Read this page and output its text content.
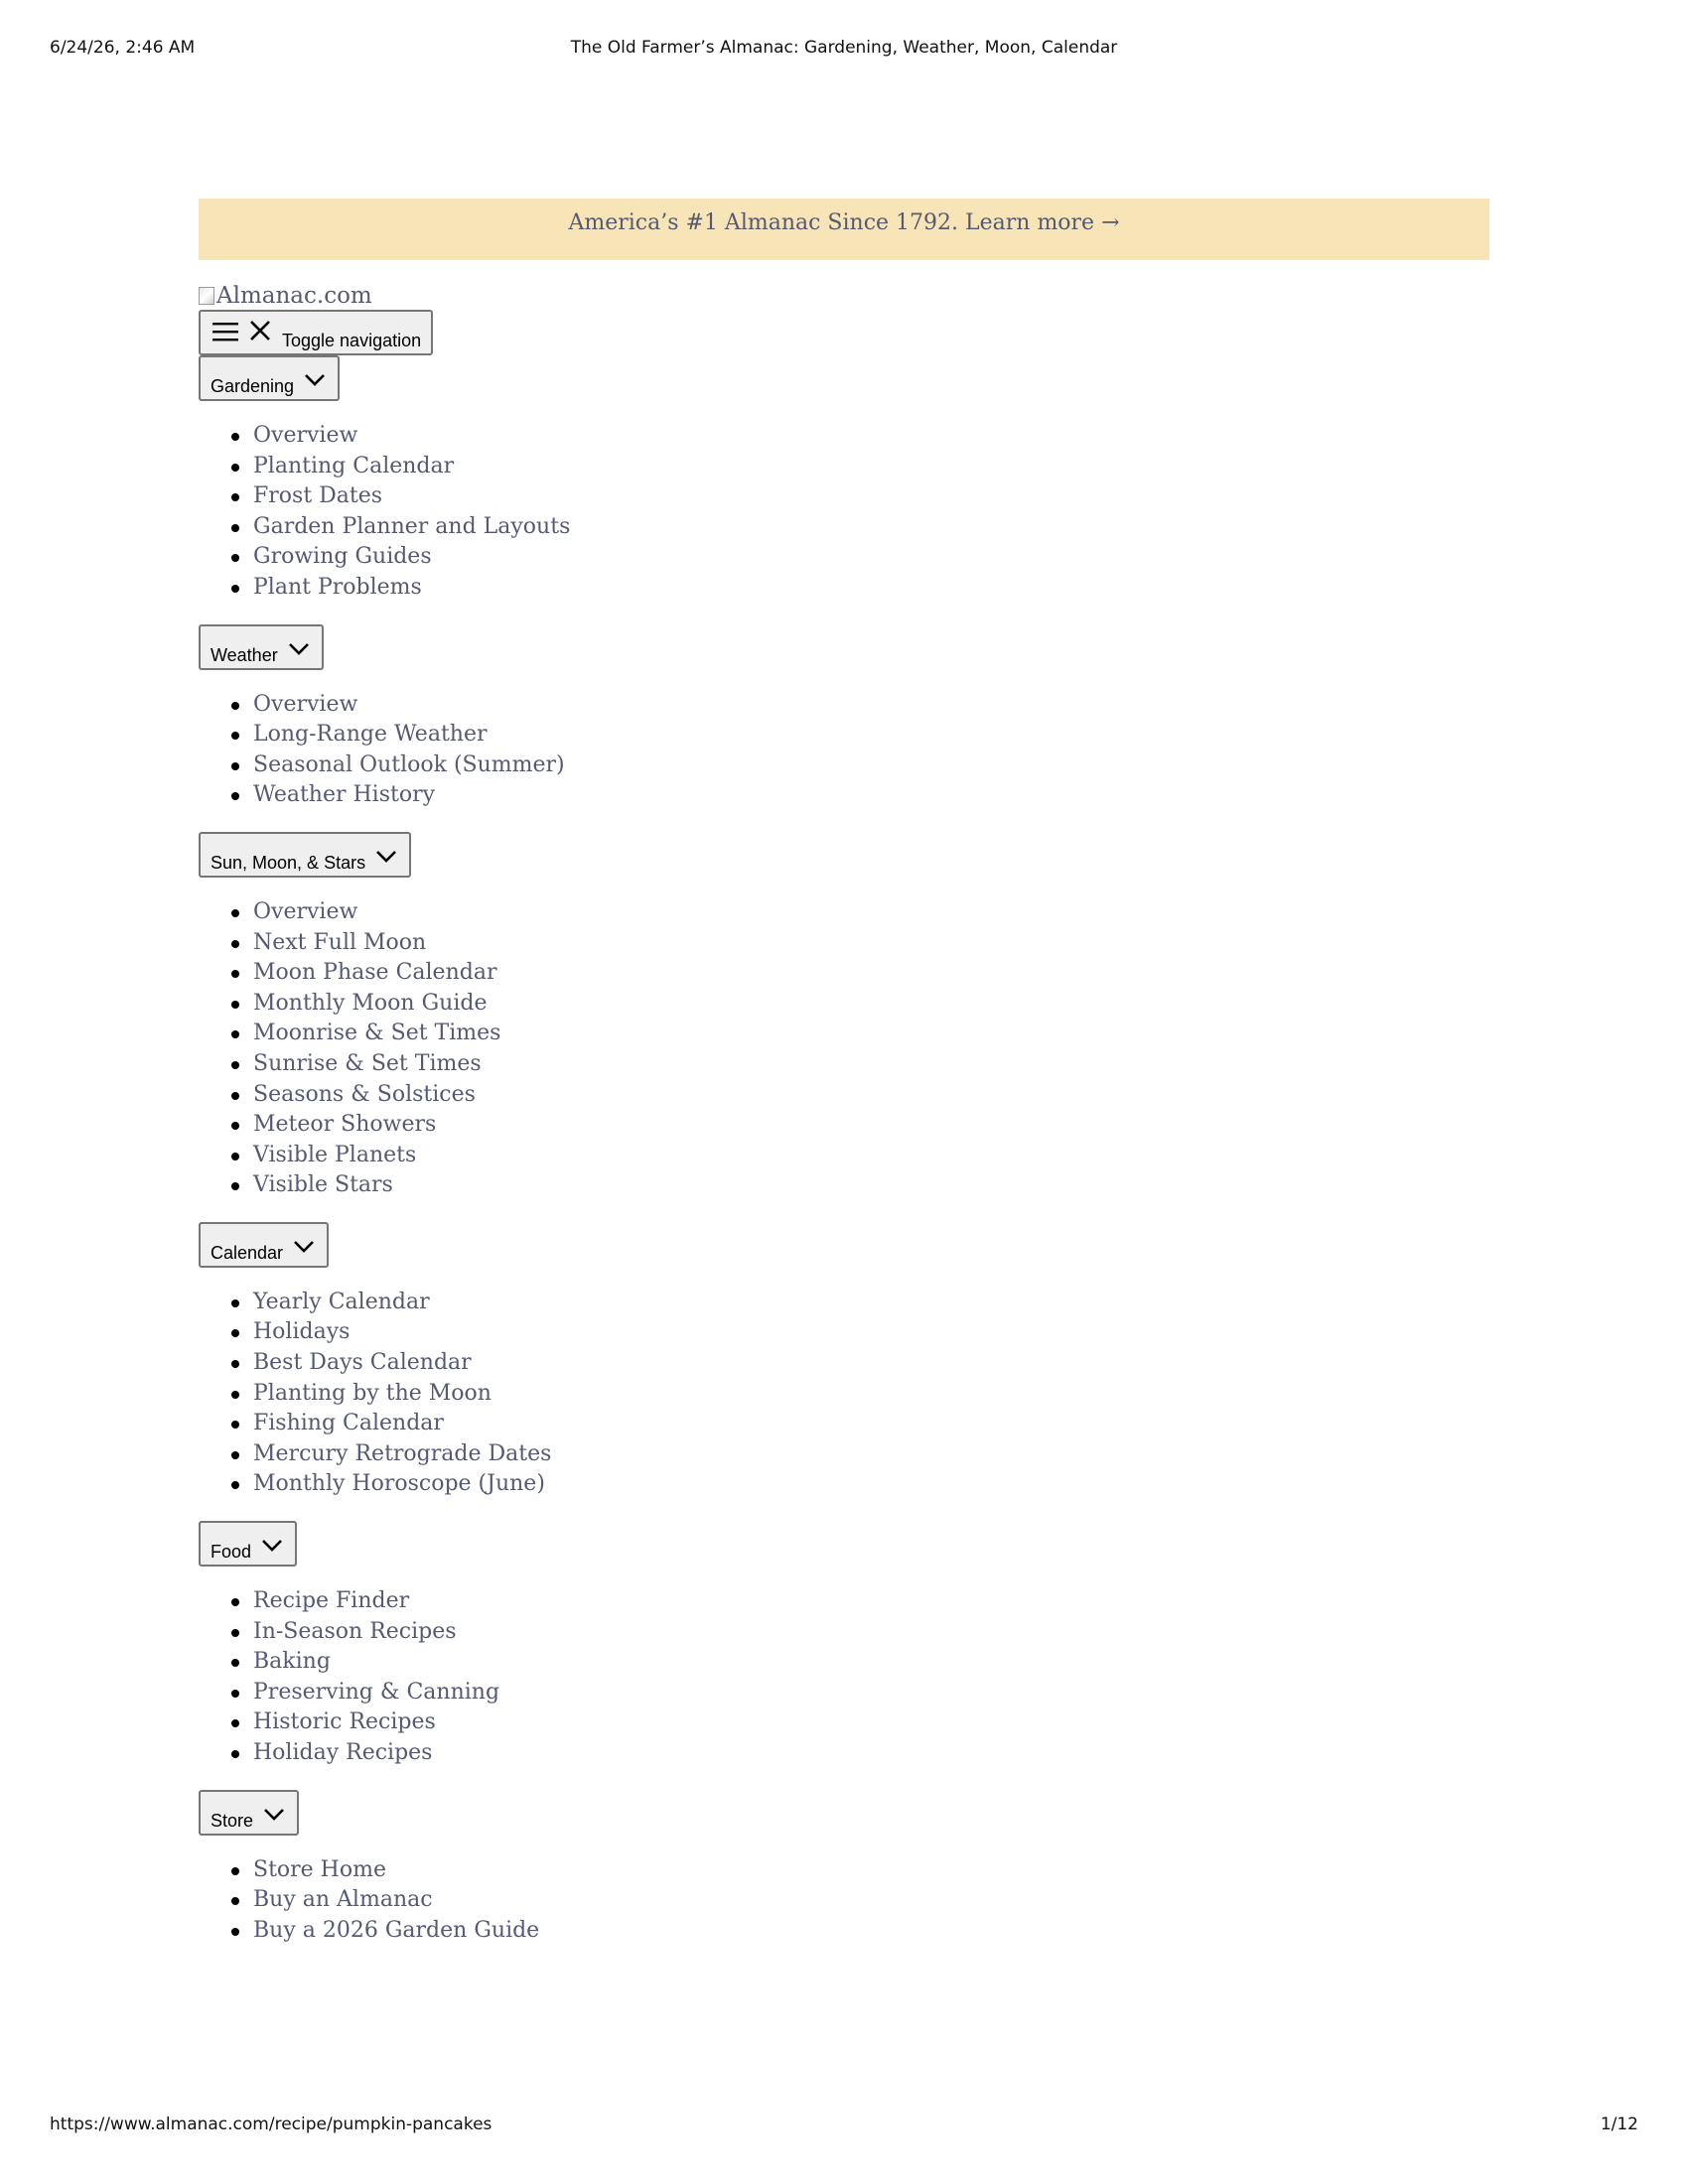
6/24/26, 2:46 AM	The Old Farmer’s Almanac: Gardening, Weather, Moon, Calendar
America’s #1 Almanac Since 1792. Learn more →
Almanac.com
Toggle navigation
Gardening
Overview
Planting Calendar
Frost Dates
Garden Planner and Layouts
Growing Guides
Plant Problems
Weather
Overview
Long-Range Weather
Seasonal Outlook (Summer)
Weather History
Sun, Moon, & Stars
Overview
Next Full Moon
Moon Phase Calendar
Monthly Moon Guide
Moonrise & Set Times
Sunrise & Set Times
Seasons & Solstices
Meteor Showers
Visible Planets
Visible Stars
Calendar
Yearly Calendar
Holidays
Best Days Calendar
Planting by the Moon
Fishing Calendar
Mercury Retrograde Dates
Monthly Horoscope (June)
Food
Recipe Finder
In-Season Recipes
Baking
Preserving & Canning
Historic Recipes
Holiday Recipes
Store
Store Home
Buy an Almanac
Buy a 2026 Garden Guide
https://www.almanac.com/recipe/pumpkin-pancakes	1/12
